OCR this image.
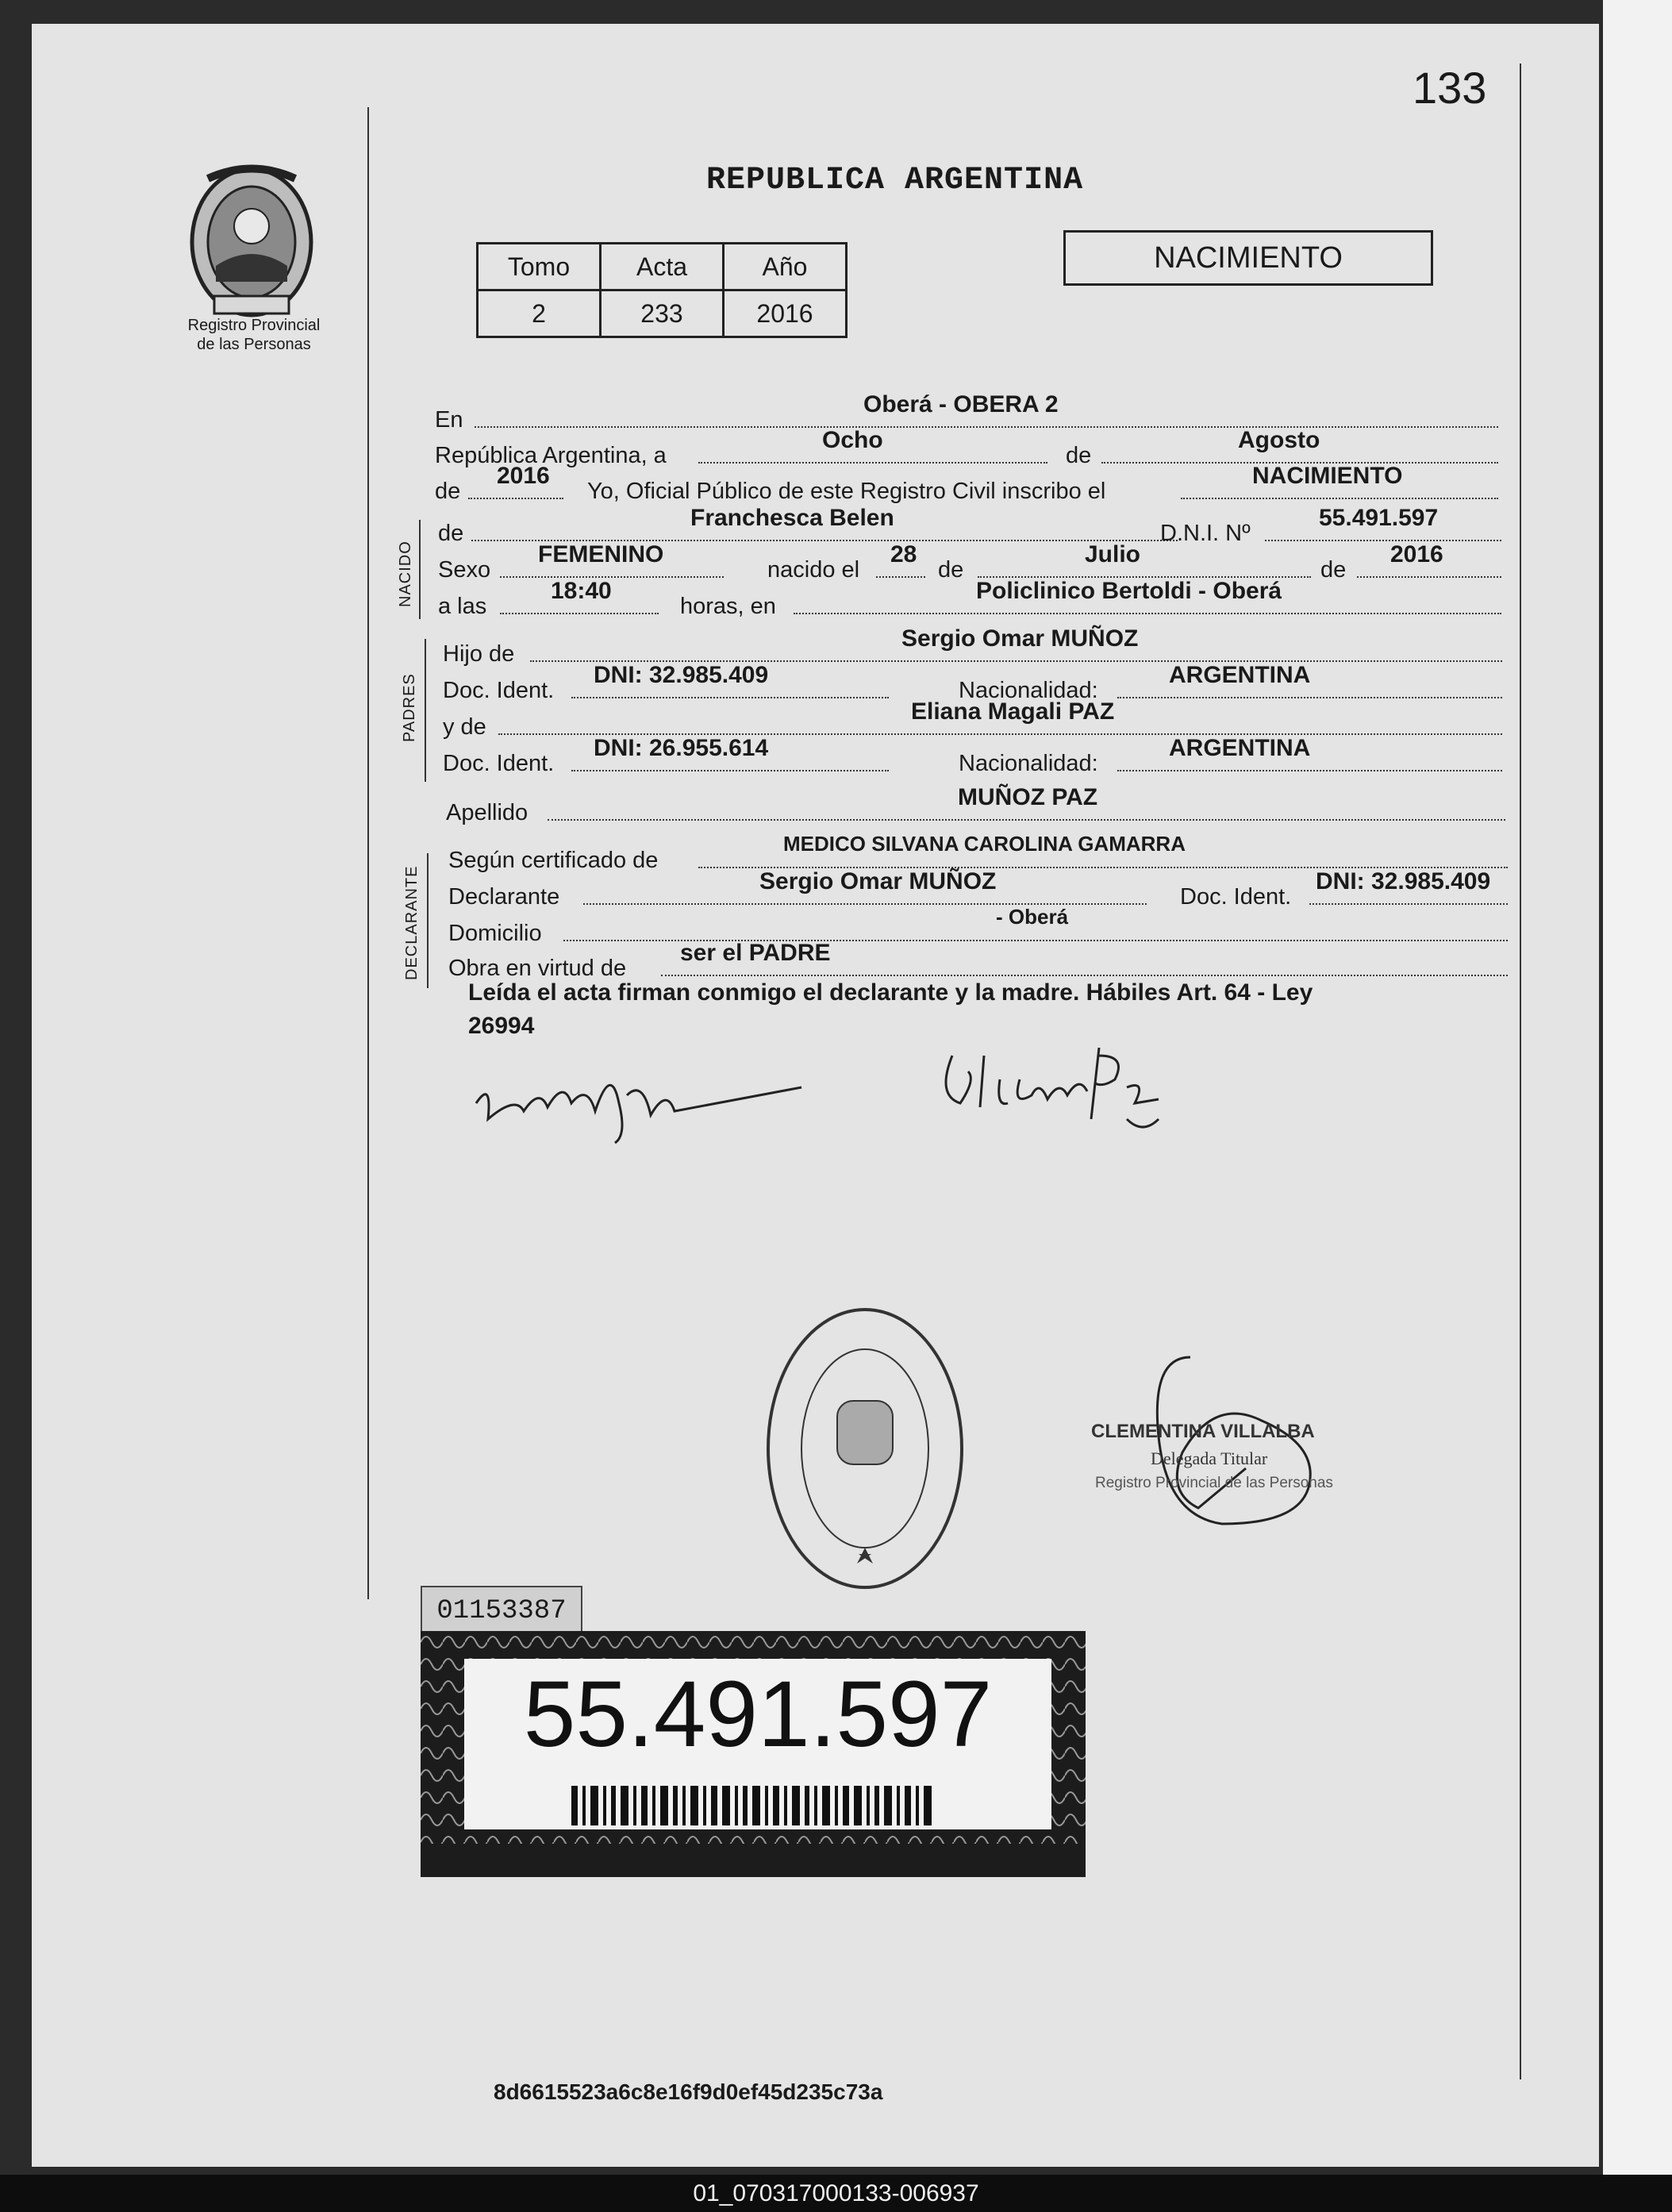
133
REPUBLICA ARGENTINA
Registro Provincial
de las Personas
Tomo	Acta	Año
2	233	2016
NACIMIENTO
En
Oberá - OBERA 2
República Argentina, a
Ocho
de
Agosto
de
2016
Yo, Oficial Público de este Registro Civil inscribo el
NACIMIENTO
NACIDO
de
Franchesca Belen
D.N.I. Nº
55.491.597
Sexo
FEMENINO
nacido el
28
de
Julio
de
2016
a las
18:40
horas, en
Policlinico Bertoldi - Oberá
PADRES
Hijo de
Sergio Omar MUÑOZ
Doc. Ident.
DNI: 32.985.409
Nacionalidad:
ARGENTINA
y de
Eliana Magali PAZ
Doc. Ident.
DNI: 26.955.614
Nacionalidad:
ARGENTINA
Apellido
MUÑOZ PAZ
DECLARANTE
Según certificado de
MEDICO SILVANA CAROLINA GAMARRA
Declarante
Sergio Omar MUÑOZ
Doc. Ident.
DNI: 32.985.409
Domicilio
- Oberá
Obra en virtud de
ser el PADRE
Leída el acta firman conmigo el declarante y la madre. Hábiles Art. 64 - Ley
26994
CLEMENTINA VILLALBA
Delegada Titular
Registro Provincial de las Personas
01153387
55.491.597
8d6615523a6c8e16f9d0ef45d235c73a
01_070317000133-006937
